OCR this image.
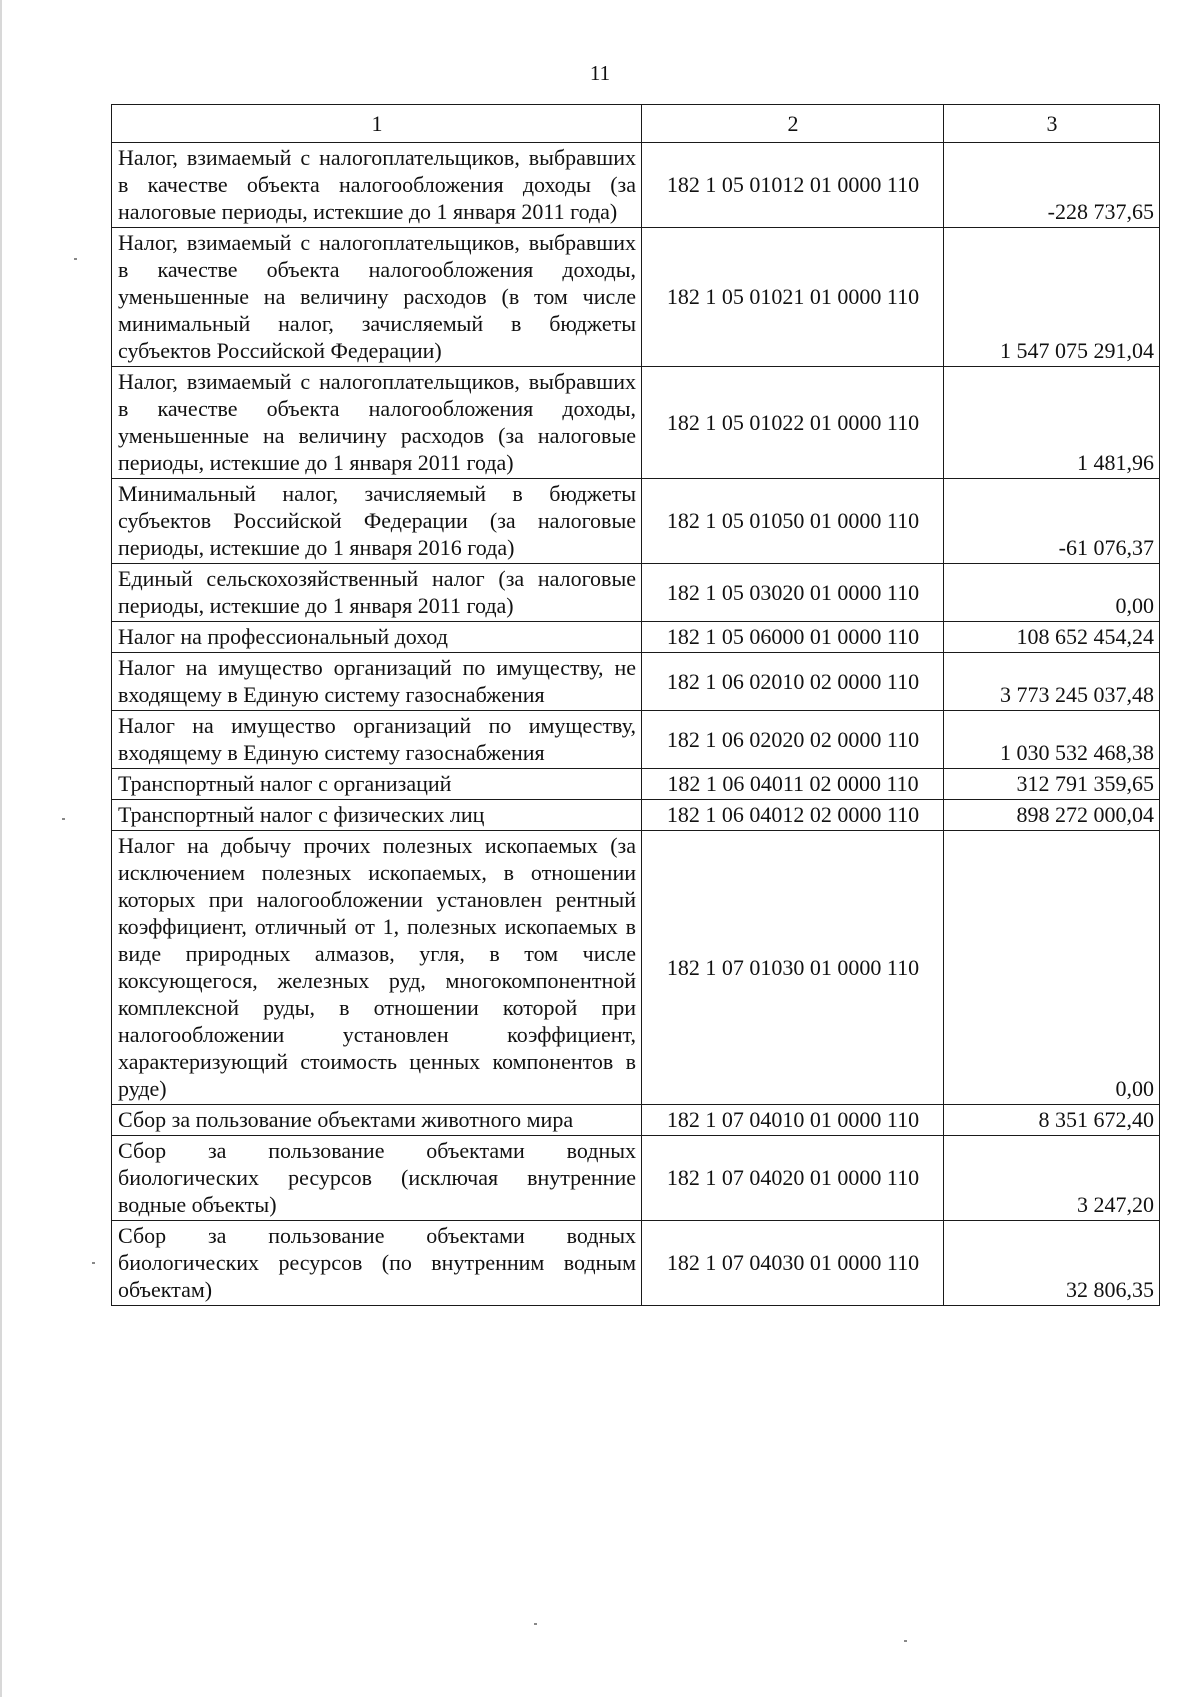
11
1	2	3
Налог, взимаемый с налогоплательщиков, выбравших в качестве объекта налогообложения доходы (за налоговые периоды, истекшие до 1 января 2011 года)	182 1 05 01012 01 0000 110	-228 737,65
Налог, взимаемый с налогоплательщиков, выбравших в качестве объекта налогообложения доходы, уменьшенные на величину расходов (в том числе минимальный налог, зачисляемый в бюджеты субъектов Российской Федерации)	182 1 05 01021 01 0000 110	1 547 075 291,04
Налог, взимаемый с налогоплательщиков, выбравших в качестве объекта налогообложения доходы, уменьшенные на величину расходов (за налоговые периоды, истекшие до 1 января 2011 года)	182 1 05 01022 01 0000 110	1 481,96
Минимальный налог, зачисляемый в бюджеты субъектов Российской Федерации (за налоговые периоды, истекшие до 1 января 2016 года)	182 1 05 01050 01 0000 110	-61 076,37
Единый сельскохозяйственный налог (за налоговые периоды, истекшие до 1 января 2011 года)	182 1 05 03020 01 0000 110	0,00
Налог на профессиональный доход	182 1 05 06000 01 0000 110	108 652 454,24
Налог на имущество организаций по имуществу, не входящему в Единую систему газоснабжения	182 1 06 02010 02 0000 110	3 773 245 037,48
Налог на имущество организаций по имуществу, входящему в Единую систему газоснабжения	182 1 06 02020 02 0000 110	1 030 532 468,38
Транспортный налог с организаций	182 1 06 04011 02 0000 110	312 791 359,65
Транспортный налог с физических лиц	182 1 06 04012 02 0000 110	898 272 000,04
Налог на добычу прочих полезных ископаемых (за исключением полезных ископаемых, в отношении которых при налогообложении установлен рентный коэффициент, отличный от 1, полезных ископаемых в виде природных алмазов, угля, в том числе коксующегося, железных руд, многокомпонентной комплексной руды, в отношении которой при налогообложении установлен коэффициент, характеризующий стоимость ценных компонентов в руде)	182 1 07 01030 01 0000 110	0,00
Сбор за пользование объектами животного мира	182 1 07 04010 01 0000 110	8 351 672,40
Сбор за пользование объектами водных биологических ресурсов (исключая внутренние водные объекты)	182 1 07 04020 01 0000 110	3 247,20
Сбор за пользование объектами водных биологических ресурсов (по внутренним водным объектам)	182 1 07 04030 01 0000 110	32 806,35
